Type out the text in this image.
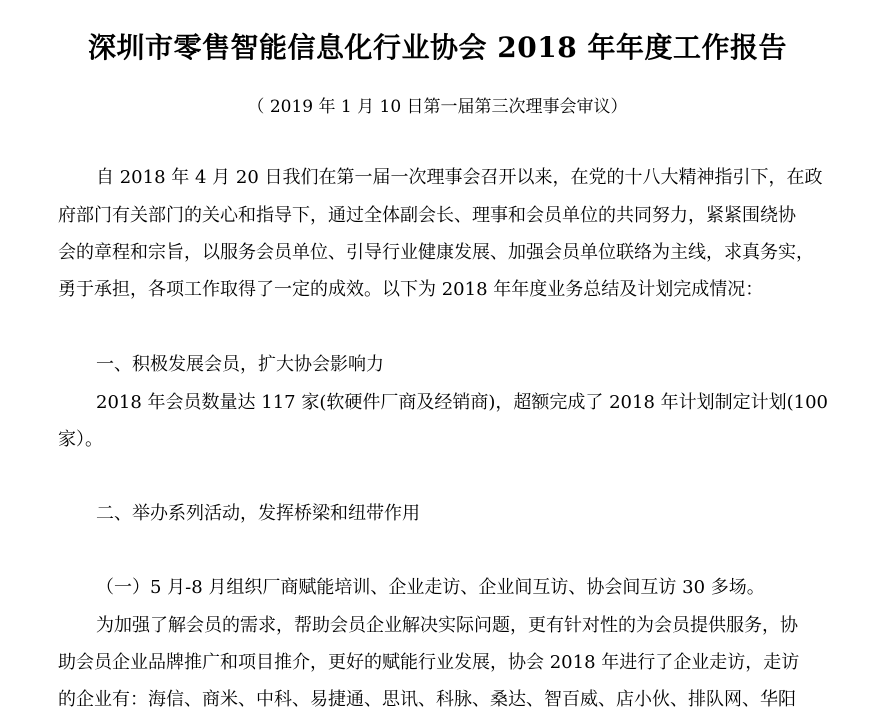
深圳市零售智能信息化行业协会 2018 年年度工作报告
（ 2019 年 1 月 10 日第一届第三次理事会审议）
自 2018 年 4 月 20 日我们在第一届一次理事会召开以来，在党的十八大精神指引下，在政
府部门有关部门的关心和指导下，通过全体副会长、理事和会员单位的共同努力，紧紧围绕协
会的章程和宗旨，以服务会员单位、引导行业健康发展、加强会员单位联络为主线，求真务实，
勇于承担，各项工作取得了一定的成效。以下为 2018 年年度业务总结及计划完成情况：
一、积极发展会员，扩大协会影响力
2018 年会员数量达 117 家(软硬件厂商及经销商)，超额完成了 2018 年计划制定计划(100
家）。
二、举办系列活动，发挥桥梁和纽带作用
（一）5 月-8 月组织厂商赋能培训、企业走访、企业间互访、协会间互访 30 多场。
为加强了解会员的需求，帮助会员企业解决实际问题，更有针对性的为会员提供服务，协
助会员企业品牌推广和项目推介，更好的赋能行业发展，协会 2018 年进行了企业走访，走访
的企业有：海信、商米、中科、易捷通、思讯、科脉、桑达、智百威、店小伙、排队网、华阳
